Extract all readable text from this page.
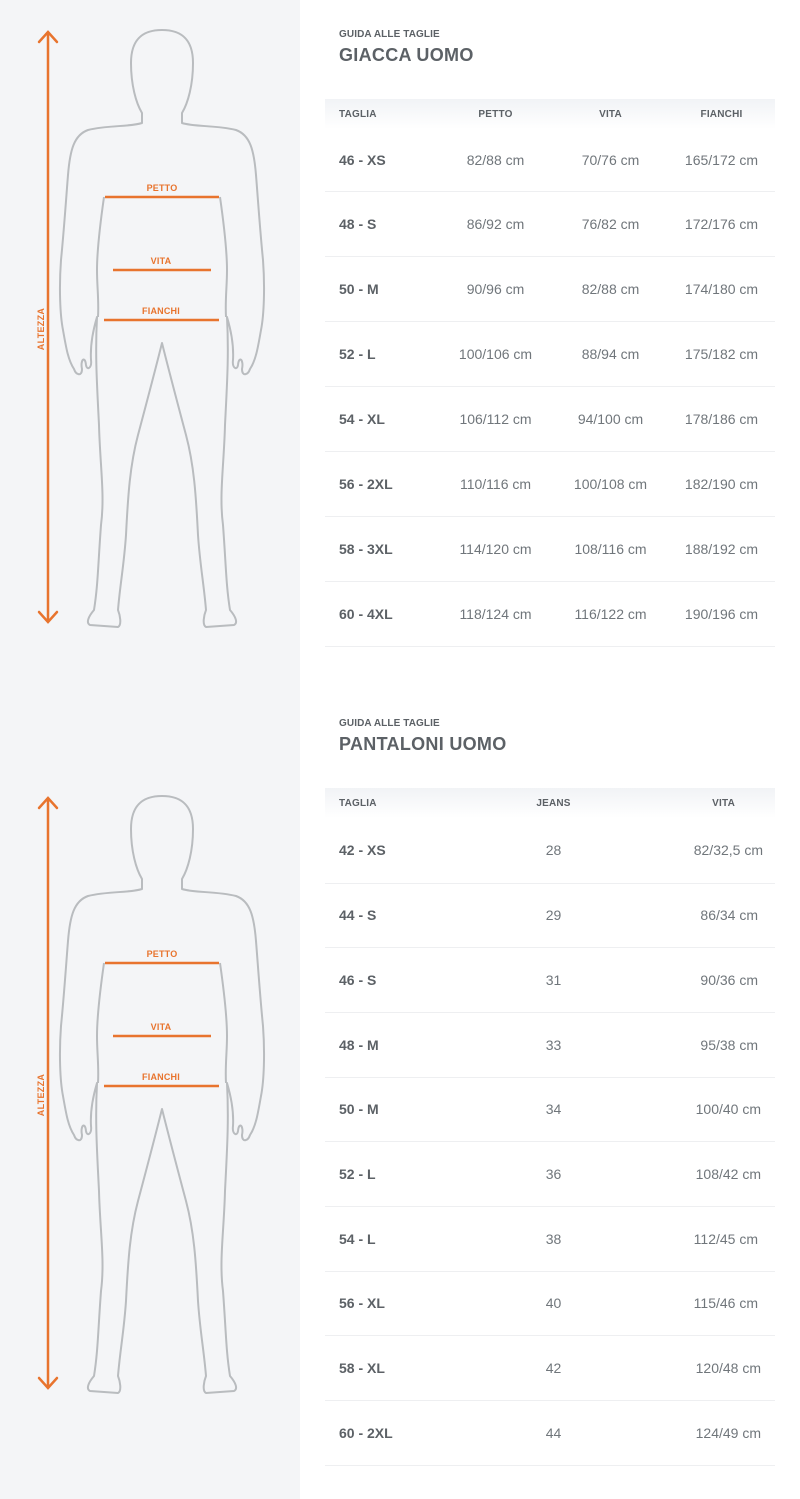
PETTO
VITA
FIANCHI
ALTEZZA
PETTO
VITA
FIANCHI
ALTEZZA
GUIDA ALLE TAGLIE
GIACCA UOMO
TAGLIA	PETTO	VITA	FIANCHI
46 - XS	82/88 cm	70/76 cm	165/172 cm
48 - S	86/92 cm	76/82 cm	172/176 cm
50 - M	90/96 cm	82/88 cm	174/180 cm
52 - L	100/106 cm	88/94 cm	175/182 cm
54 - XL	106/112 cm	94/100 cm	178/186 cm
56 - 2XL	110/116 cm	100/108 cm	182/190 cm
58 - 3XL	114/120 cm	108/116 cm	188/192 cm
60 - 4XL	118/124 cm	116/122 cm	190/196 cm
GUIDA ALLE TAGLIE
PANTALONI UOMO
TAGLIA	JEANS	VITA
42 - XS	28	82/32,5 cm
44 - S	29	86/34 cm
46 - S	31	90/36 cm
48 - M	33	95/38 cm
50 - M	34	100/40 cm
52 - L	36	108/42 cm
54 - L	38	112/45 cm
56 - XL	40	115/46 cm
58 - XL	42	120/48 cm
60 - 2XL	44	124/49 cm
